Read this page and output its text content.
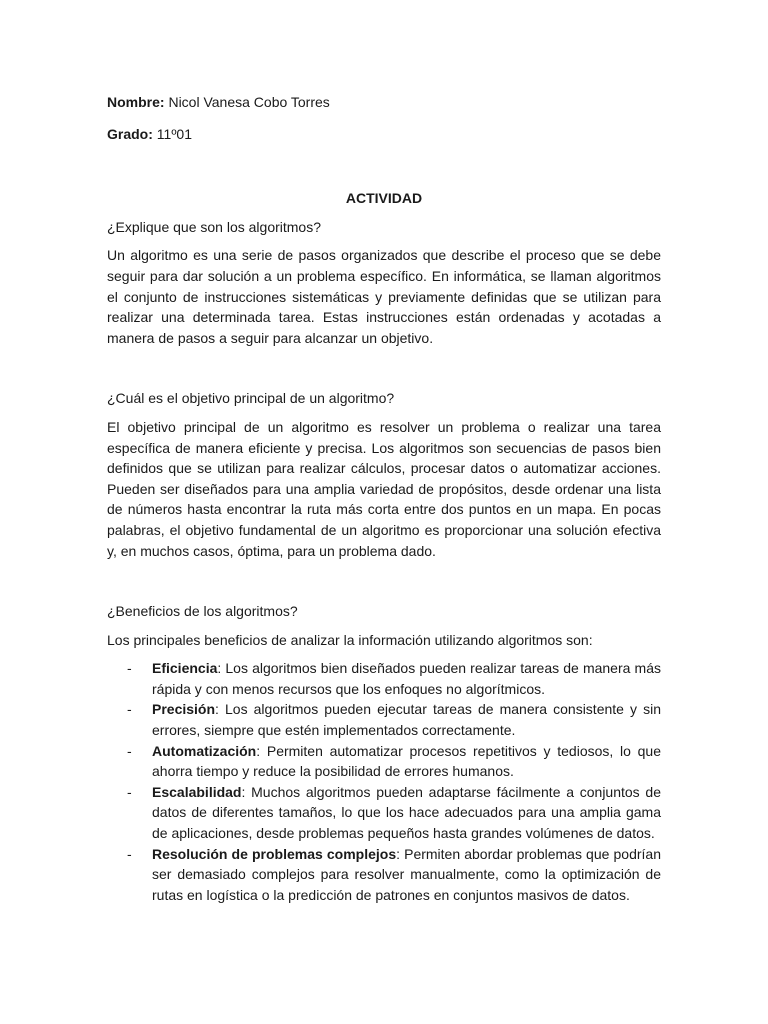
Nombre: Nicol Vanesa Cobo Torres
Grado: 11º01
ACTIVIDAD

¿Explique que son los algoritmos?

Un algoritmo es una serie de pasos organizados que describe el proceso que se debe seguir para dar solución a un problema específico. En informática, se llaman algoritmos el conjunto de instrucciones sistemáticas y previamente definidas que se utilizan para realizar una determinada tarea. Estas instrucciones están ordenadas y acotadas a manera de pasos a seguir para alcanzar un objetivo.

¿Cuál es el objetivo principal de un algoritmo?

El objetivo principal de un algoritmo es resolver un problema o realizar una tarea específica de manera eficiente y precisa. Los algoritmos son secuencias de pasos bien definidos que se utilizan para realizar cálculos, procesar datos o automatizar acciones. Pueden ser diseñados para una amplia variedad de propósitos, desde ordenar una lista de números hasta encontrar la ruta más corta entre dos puntos en un mapa. En pocas palabras, el objetivo fundamental de un algoritmo es proporcionar una solución efectiva y, en muchos casos, óptima, para un problema dado.

¿Beneficios de los algoritmos?

Los principales beneficios de analizar la información utilizando algoritmos son:

- Eficiencia: Los algoritmos bien diseñados pueden realizar tareas de manera más rápida y con menos recursos que los enfoques no algorítmicos.
- Precisión: Los algoritmos pueden ejecutar tareas de manera consistente y sin errores, siempre que estén implementados correctamente.
- Automatización: Permiten automatizar procesos repetitivos y tediosos, lo que ahorra tiempo y reduce la posibilidad de errores humanos.
- Escalabilidad: Muchos algoritmos pueden adaptarse fácilmente a conjuntos de datos de diferentes tamaños, lo que los hace adecuados para una amplia gama de aplicaciones, desde problemas pequeños hasta grandes volúmenes de datos.
- Resolución de problemas complejos: Permiten abordar problemas que podrían ser demasiado complejos para resolver manualmente, como la optimización de rutas en logística o la predicción de patrones en conjuntos masivos de datos.
